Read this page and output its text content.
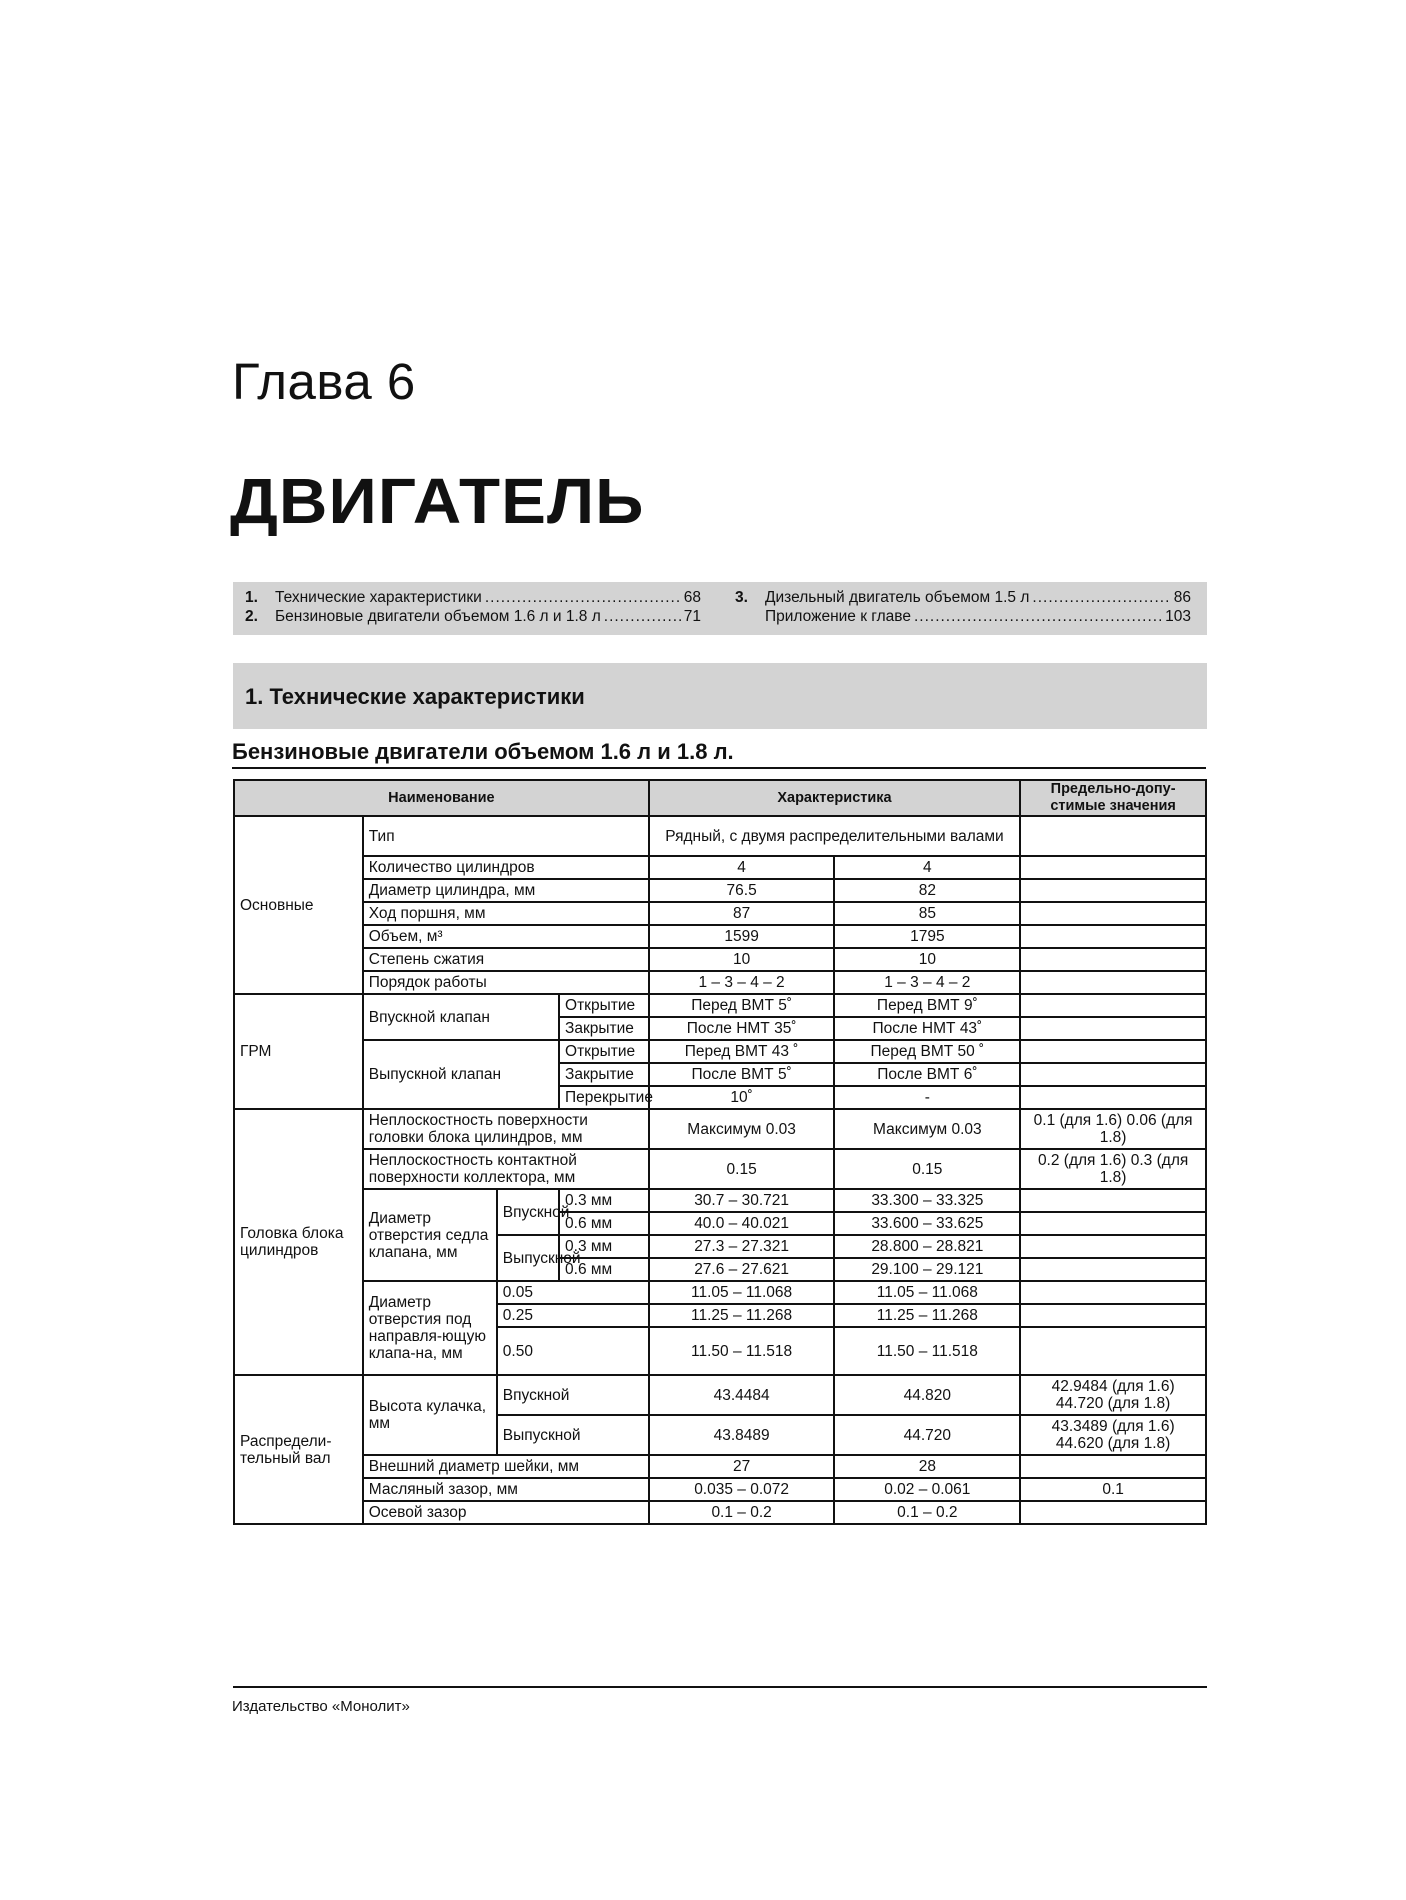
Глава 6
ДВИГАТЕЛЬ
1.	Технические характеристики .....	68
2.	Бензиновые двигатели объемом 1.6 л и 1.8 л .....	71
3.	Дизельный двигатель объемом 1.5 л .....	86
Приложение к главе .....	103
1. Технические характеристики
Бензиновые двигатели объемом 1.6 л и 1.8 л.
Наименование				Характеристика		Предельно-допу-стимые значения
Основные	Тип			Рядный, с двумя распределительными валами		
	Количество цилиндров			4	4	
	Диаметр цилиндра, мм			76.5	82	
	Ход поршня, мм			87	85	
	Объем, м³			1599	1795	
	Степень сжатия			10	10	
	Порядок работы			1 – 3 – 4 – 2	1 – 3 – 4 – 2	
ГРМ	Впускной клапан		Открытие	Перед ВМТ 5˚	Перед ВМТ 9˚	
			Закрытие	После НМТ 35˚	После НМТ 43˚	
	Выпускной клапан		Открытие	Перед ВМТ 43 ˚	Перед ВМТ 50 ˚	
			Закрытие	После ВМТ 5˚	После ВМТ 6˚	
			Перекрытие	10˚	-	
Головка блока цилиндров	Неплоскостность поверхности головки блока цилиндров, мм			Максимум 0.03	Максимум 0.03	0.1 (для 1.6) 0.06 (для 1.8)
	Неплоскостность контактной поверхности коллектора, мм			0.15	0.15	0.2 (для 1.6) 0.3 (для 1.8)
	Диаметр отверстия седла клапана, мм	Впускной	0.3 мм	30.7 – 30.721	33.300 – 33.325	
			0.6 мм	40.0 – 40.021	33.600 – 33.625	
		Выпускной	0.3 мм	27.3 – 27.321	28.800 – 28.821	
			0.6 мм	27.6 – 27.621	29.100 – 29.121	
	Диаметр отверстия под направля-ющую клапа-на, мм	0.05		11.05 – 11.068	11.05 – 11.068	
		0.25		11.25 – 11.268	11.25 – 11.268	
		0.50		11.50 – 11.518	11.50 – 11.518	
Распредели-тельный вал	Высота кулачка, мм	Впускной		43.4484	44.820	42.9484 (для 1.6) 44.720 (для 1.8)
		Выпускной		43.8489	44.720	43.3489 (для 1.6) 44.620 (для 1.8)
	Внешний диаметр шейки, мм			27	28	
	Масляный зазор, мм			0.035 – 0.072	0.02 – 0.061	0.1
	Осевой зазор			0.1 – 0.2	0.1 – 0.2	
Издательство «Монолит»
